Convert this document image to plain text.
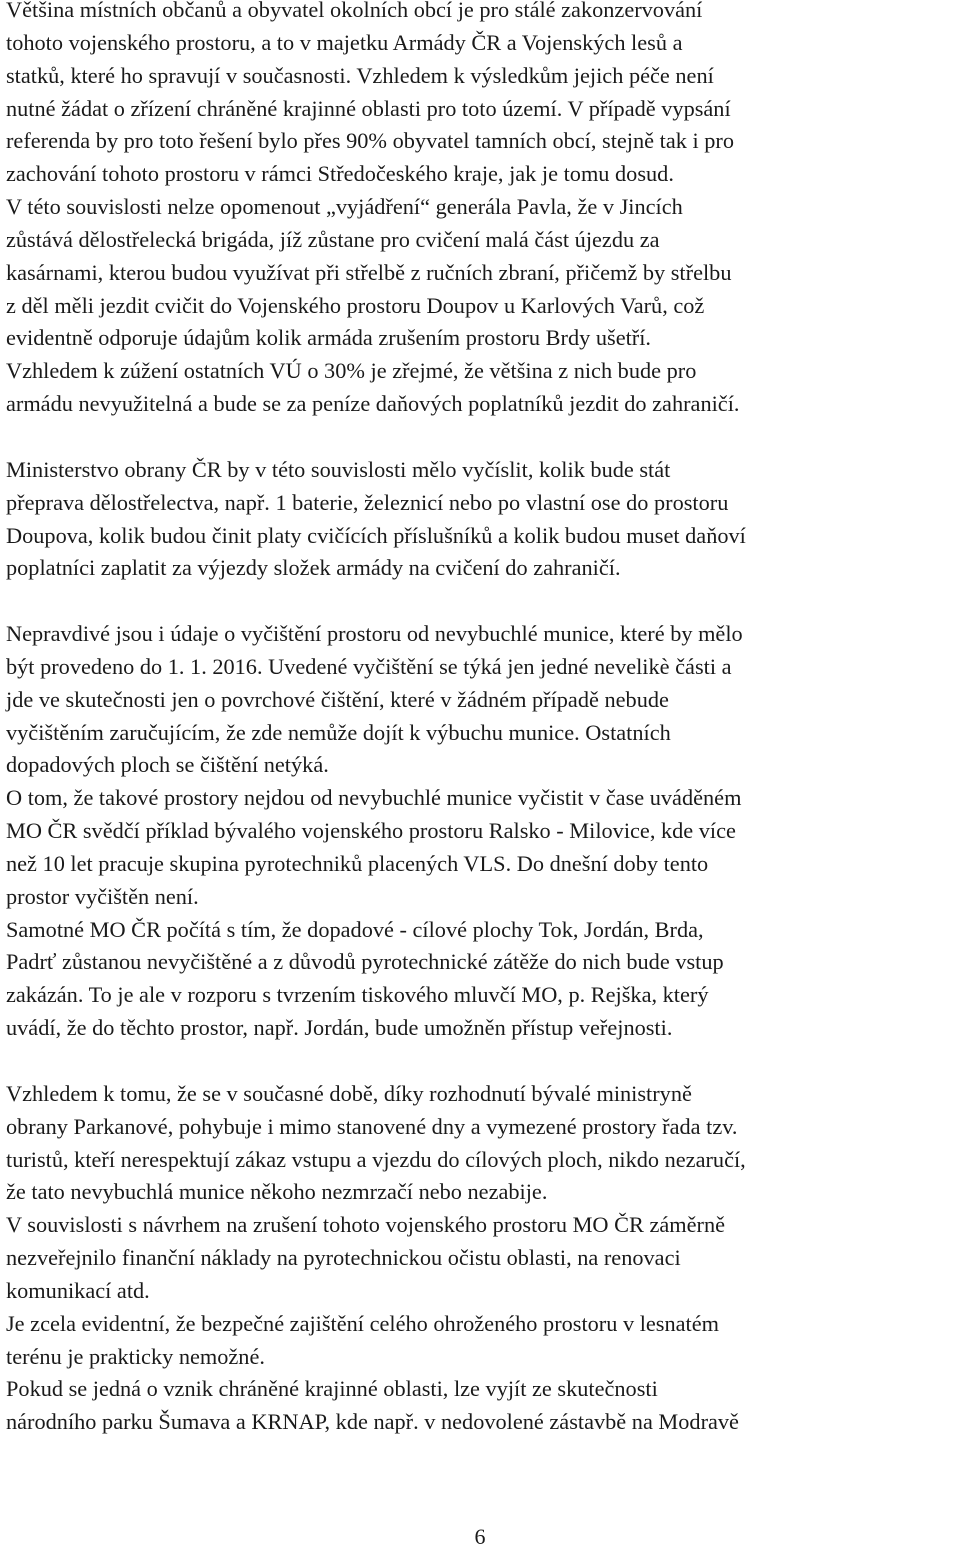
Většina místních občanů a obyvatel okolních obcí je pro stálé zakonzervování
tohoto vojenského prostoru, a to v majetku Armády ČR a Vojenských lesů a
statků, které ho spravují v současnosti. Vzhledem k výsledkům jejich péče není
nutné žádat o zřízení chráněné krajinné oblasti pro toto území. V případě vypsání
referenda by pro toto řešení bylo přes 90% obyvatel tamních obcí, stejně tak i pro
zachování tohoto prostoru v rámci Středočeského kraje, jak je tomu dosud.
V této souvislosti nelze opomenout „vyjádření“ generála Pavla, že v Jincích
zůstává dělostřelecká brigáda, jíž zůstane pro cvičení malá část újezdu za
kasárnami, kterou budou využívat při střelbě z ručních zbraní, přičemž by střelbu
z děl měli jezdit cvičit do Vojenského prostoru Doupov u Karlových Varů, což
evidentně odporuje údajům kolik armáda zrušením prostoru Brdy ušetří.
Vzhledem k zúžení ostatních VÚ o 30% je zřejmé, že většina z nich bude pro
armádu nevyužitelná a bude se za peníze daňových poplatníků jezdit do zahraničí.
Ministerstvo obrany ČR by v této souvislosti mělo vyčíslit, kolik bude stát
přeprava dělostřelectva, např. 1 baterie, železnicí nebo po vlastní ose do prostoru
Doupova, kolik budou činit platy cvičících příslušníků a kolik budou muset daňoví
poplatníci zaplatit za výjezdy složek armády na cvičení do zahraničí.
Nepravdivé jsou i údaje o vyčištění prostoru od nevybuchlé munice, které by mělo
být provedeno do 1. 1. 2016. Uvedené vyčištění se týká jen jedné nevelikè části a
jde ve skutečnosti jen o povrchové čištění, které v žádném případě nebude
vyčištěním zaručujícím, že zde nemůže dojít k výbuchu munice. Ostatních
dopadových ploch se čištění netýká.
O tom, že takové prostory nejdou od nevybuchlé munice vyčistit v čase uváděném
MO ČR svědčí příklad bývalého vojenského prostoru Ralsko - Milovice, kde více
než 10 let pracuje skupina pyrotechniků placených VLS. Do dnešní doby tento
prostor vyčištěn není.
Samotné MO ČR počítá s tím, že dopadové - cílové plochy Tok, Jordán, Brda,
Padrť zůstanou nevyčištěné a z důvodů pyrotechnické zátěže do nich bude vstup
zakázán. To je ale v rozporu s tvrzením tiskového mluvčí MO, p. Rejška, který
uvádí, že do těchto prostor, např. Jordán, bude umožněn přístup veřejnosti.
Vzhledem k tomu, že se v současné době, díky rozhodnutí bývalé ministryně
obrany Parkanové, pohybuje i mimo stanovené dny a vymezené prostory řada tzv.
turistů, kteří nerespektují zákaz vstupu a vjezdu do cílových ploch, nikdo nezaručí,
že tato nevybuchlá munice někoho nezmrzačí nebo nezabije.
V souvislosti s návrhem na zrušení tohoto vojenského prostoru MO ČR záměrně
nezveřejnilo finanční náklady na pyrotechnickou očistu oblasti, na renovaci
komunikací atd.
Je zcela evidentní, že bezpečné zajištění celého ohroženého prostoru v lesnatém
terénu je prakticky nemožné.
Pokud se jedná o vznik chráněné krajinné oblasti, lze vyjít ze skutečnosti
národního parku Šumava a KRNAP, kde např. v nedovolené zástavbě na Modravě
6
